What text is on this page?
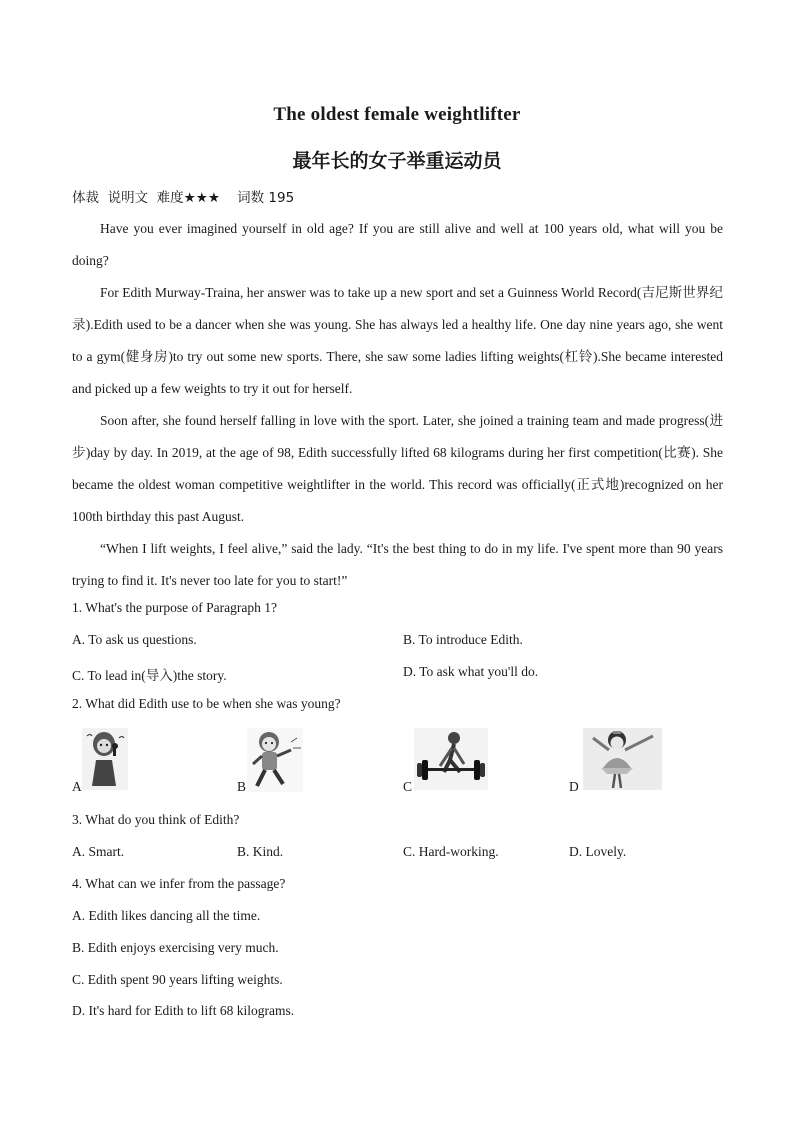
The oldest female weightlifter
最年长的女子举重运动员
体裁  说明文  难度★★★    词数 195

Have you ever imagined yourself in old age? If you are still alive and well at 100 years old, what will you be doing?

For Edith Murway-Traina, her answer was to take up a new sport and set a Guinness World Record(吉尼斯世界纪录).Edith used to be a dancer when she was young. She has always led a healthy life. One day nine years ago, she went to a gym(健身房)to try out some new sports. There, she saw some ladies lifting weights(杠铃).She became interested and picked up a few weights to try it out for herself.

Soon after, she found herself falling in love with the sport. Later, she joined a training team and made progress(进步)day by day. In 2019, at the age of 98, Edith successfully lifted 68 kilograms during her first competition(比赛). She became the oldest woman competitive weightlifter in the world. This record was officially(正式地)recognized on her 100th birthday this past August.

“When I lift weights, I feel alive,” said the lady. “It's the best thing to do in my life. I've spent more than 90 years trying to find it. It's never too late for you to start!”

1. What's the purpose of Paragraph 1?
A. To ask us questions.	B. To introduce Edith.
C. To lead in(导入)the story.	D. To ask what you'll do.
2. What did Edith use to be when she was young?
A	B	C	D
3. What do you think of Edith?
A. Smart.	B. Kind.	C. Hard-working.	D. Lovely.
4. What can we infer from the passage?
A. Edith likes dancing all the time.
B. Edith enjoys exercising very much.
C. Edith spent 90 years lifting weights.
D. It's hard for Edith to lift 68 kilograms.
